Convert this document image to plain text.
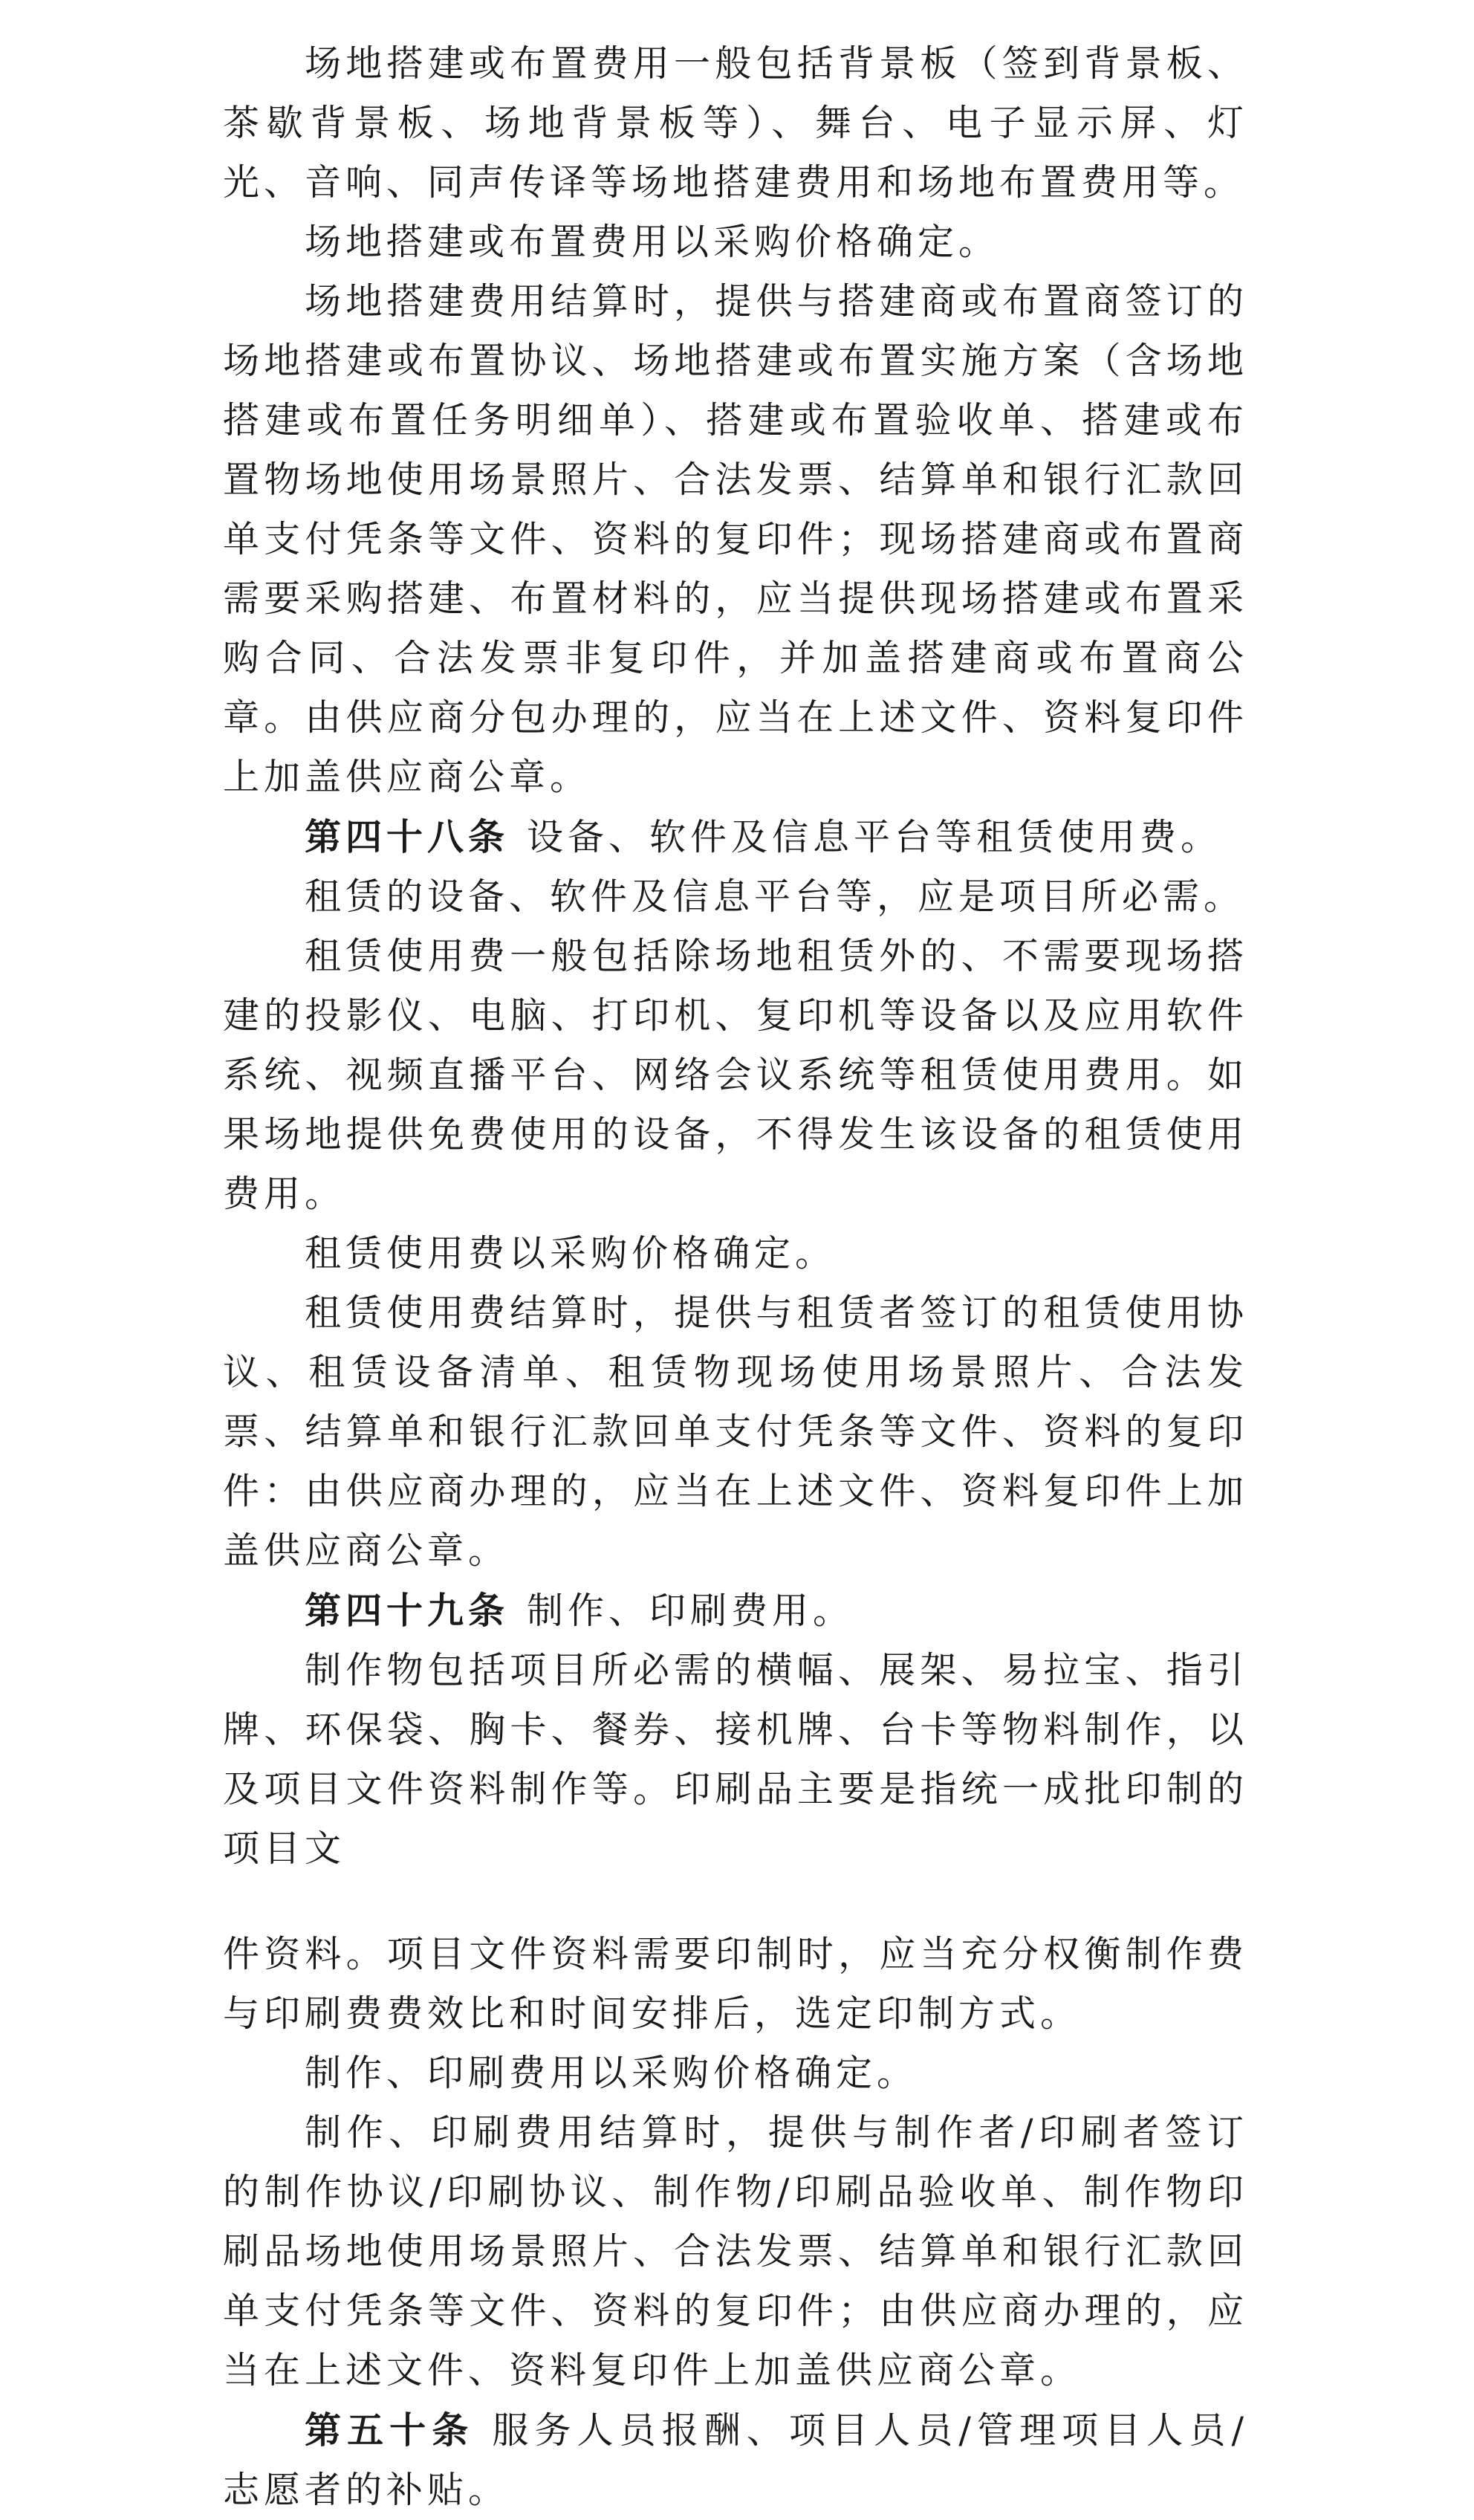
场地搭建或布置费用一般包括背景板（签到背景板、茶歇背景板、场地背景板等）、舞台、电子显示屏、灯光、音响、同声传译等场地搭建费用和场地布置费用等。

场地搭建或布置费用以采购价格确定。

场地搭建费用结算时，提供与搭建商或布置商签订的场地搭建或布置协议、场地搭建或布置实施方案（含场地搭建或布置任务明细单）、搭建或布置验收单、搭建或布置物场地使用场景照片、合法发票、结算单和银行汇款回单支付凭条等文件、资料的复印件；现场搭建商或布置商需要采购搭建、布置材料的，应当提供现场搭建或布置采购合同、合法发票非复印件，并加盖搭建商或布置商公章。由供应商分包办理的，应当在上述文件、资料复印件上加盖供应商公章。

第四十八条 设备、软件及信息平台等租赁使用费。

租赁的设备、软件及信息平台等，应是项目所必需。

租赁使用费一般包括除场地租赁外的、不需要现场搭建的投影仪、电脑、打印机、复印机等设备以及应用软件系统、视频直播平台、网络会议系统等租赁使用费用。如果场地提供免费使用的设备，不得发生该设备的租赁使用费用。

租赁使用费以采购价格确定。

租赁使用费结算时，提供与租赁者签订的租赁使用协议、租赁设备清单、租赁物现场使用场景照片、合法发票、结算单和银行汇款回单支付凭条等文件、资料的复印件：由供应商办理的，应当在上述文件、资料复印件上加盖供应商公章。

第四十九条 制作、印刷费用。

制作物包括项目所必需的横幅、展架、易拉宝、指引牌、环保袋、胸卡、餐券、接机牌、台卡等物料制作，以及项目文件资料制作等。印刷品主要是指统一成批印制的项目文

件资料。项目文件资料需要印制时，应当充分权衡制作费与印刷费费效比和时间安排后，选定印制方式。

制作、印刷费用以采购价格确定。

制作、印刷费用结算时，提供与制作者/印刷者签订的制作协议/印刷协议、制作物/印刷品验收单、制作物印刷品场地使用场景照片、合法发票、结算单和银行汇款回单支付凭条等文件、资料的复印件；由供应商办理的，应当在上述文件、资料复印件上加盖供应商公章。

第五十条 服务人员报酬、项目人员/管理项目人员/志愿者的补贴。
